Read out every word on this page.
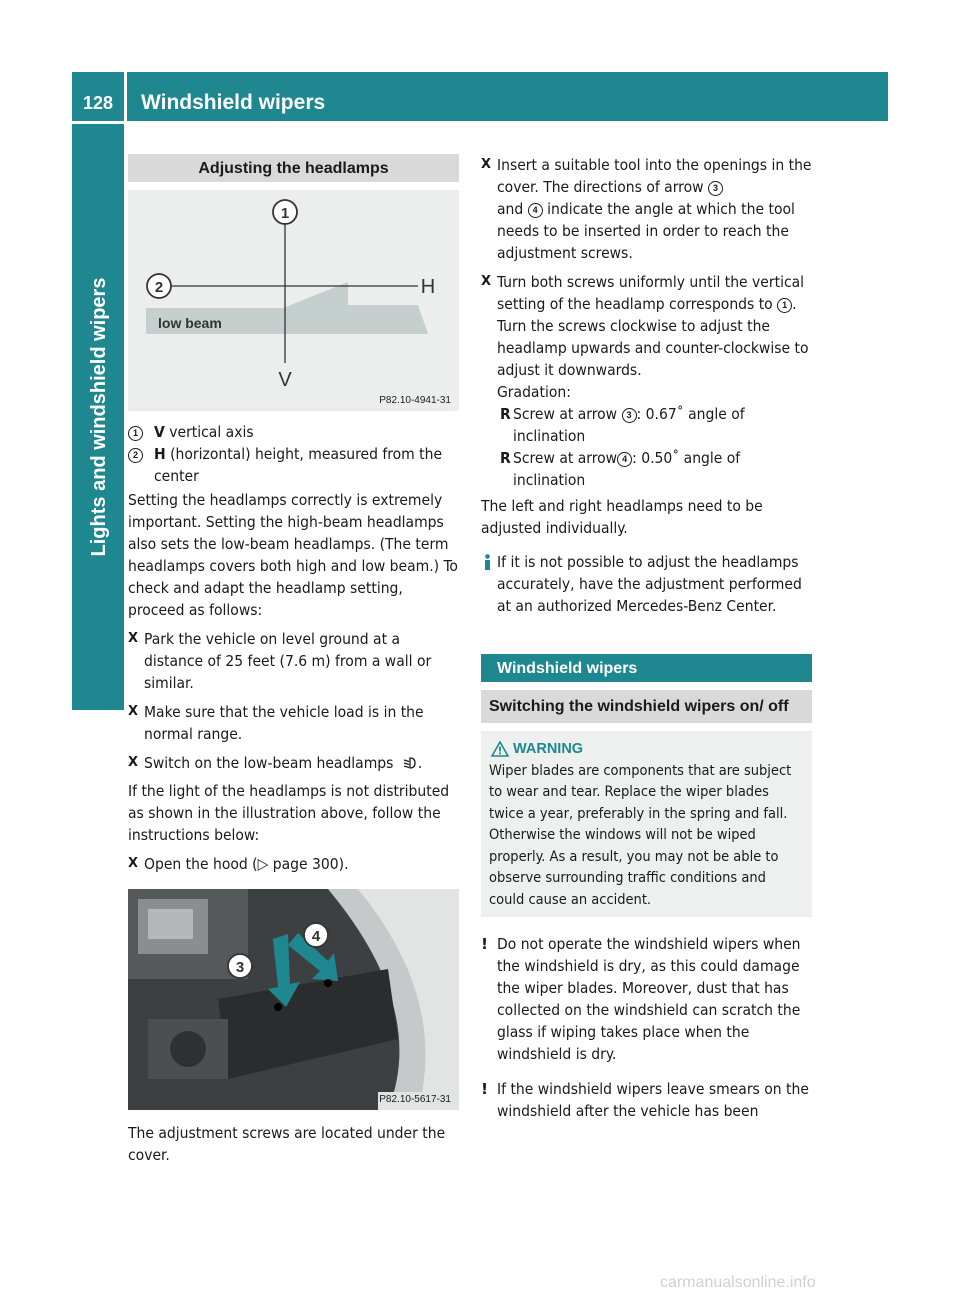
128	Windshield wipers
Lights and windshield wipers
Adjusting the headlamps
1
2	H
V
low beam
P82.10-4941-31
1	V vertical axis
2	H (horizontal) height, measured from the center

Setting the headlamps correctly is extremely important. Setting the high-beam headlamps also sets the low-beam headlamps. (The term headlamps covers both high and low beam.) To check and adapt the headlamp setting, proceed as follows:

X Park the vehicle on level ground at a distance of 25 feet (7.6 m) from a wall or similar.
X Make sure that the vehicle load is in the normal range.
X Switch on the low-beam headlamps .

If the light of the headlamps is not distributed as shown in the illustration above, follow the instructions below:

X Open the hood (▷ page 300).
3
4
P82.10-5617-31

The adjustment screws are located under the cover.

X Insert a suitable tool into the openings in the cover. The directions of arrow 3
and 4 indicate the angle at which the tool needs to be inserted in order to reach the adjustment screws.
X Turn both screws uniformly until the vertical setting of the headlamp corresponds to 1 . Turn the screws clockwise to adjust the headlamp upwards and counter-clockwise to adjust it downwards.
Gradation:
R Screw at arrow 3 : 0.67˚ angle of inclination
R Screw at arrow 4 : 0.50˚ angle of inclination

The left and right headlamps need to be adjusted individually.

If it is not possible to adjust the headlamps accurately, have the adjustment performed at an authorized Mercedes-Benz Center.
Windshield wipers
Switching the windshield wipers on/ off
WARNING

Wiper blades are components that are subject to wear and tear. Replace the wiper blades twice a year, preferably in the spring and fall. Otherwise the windows will not be wiped properly. As a result, you may not be able to observe surrounding traffic conditions and could cause an accident.

! Do not operate the windshield wipers when the windshield is dry, as this could damage the wiper blades. Moreover, dust that has collected on the windshield can scratch the glass if wiping takes place when the windshield is dry.
! If the windshield wipers leave smears on the windshield after the vehicle has been
carmanualsonline.info
